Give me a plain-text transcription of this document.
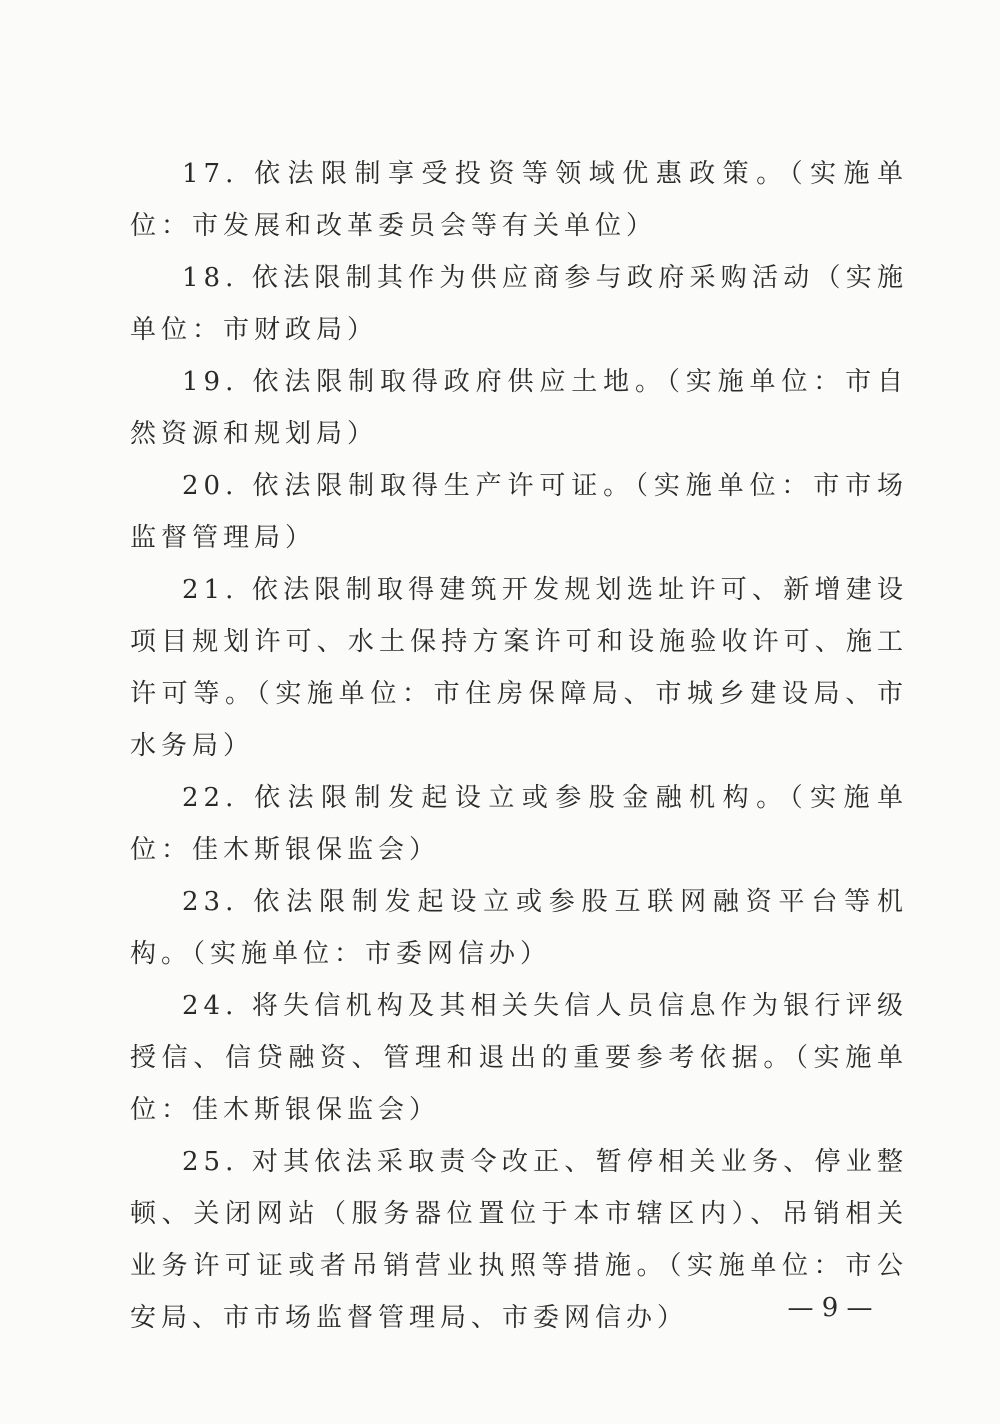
17. 依法限制享受投资等领域优惠政策。（实施单位：市发展和改革委员会等有关单位）

18. 依法限制其作为供应商参与政府采购活动（实施单位：市财政局）

19. 依法限制取得政府供应土地。（实施单位：市自然资源和规划局）

20. 依法限制取得生产许可证。（实施单位：市市场监督管理局）

21. 依法限制取得建筑开发规划选址许可、新增建设项目规划许可、水土保持方案许可和设施验收许可、施工许可等。（实施单位：市住房保障局、市城乡建设局、市水务局）

22. 依法限制发起设立或参股金融机构。（实施单位：佳木斯银保监会）

23. 依法限制发起设立或参股互联网融资平台等机构。（实施单位：市委网信办）

24. 将失信机构及其相关失信人员信息作为银行评级授信、信贷融资、管理和退出的重要参考依据。（实施单位：佳木斯银保监会）

25. 对其依法采取责令改正、暂停相关业务、停业整顿、关闭网站（服务器位置位于本市辖区内）、吊销相关业务许可证或者吊销营业执照等措施。（实施单位：市公安局、市市场监督管理局、市委网信办）	— 9 —
